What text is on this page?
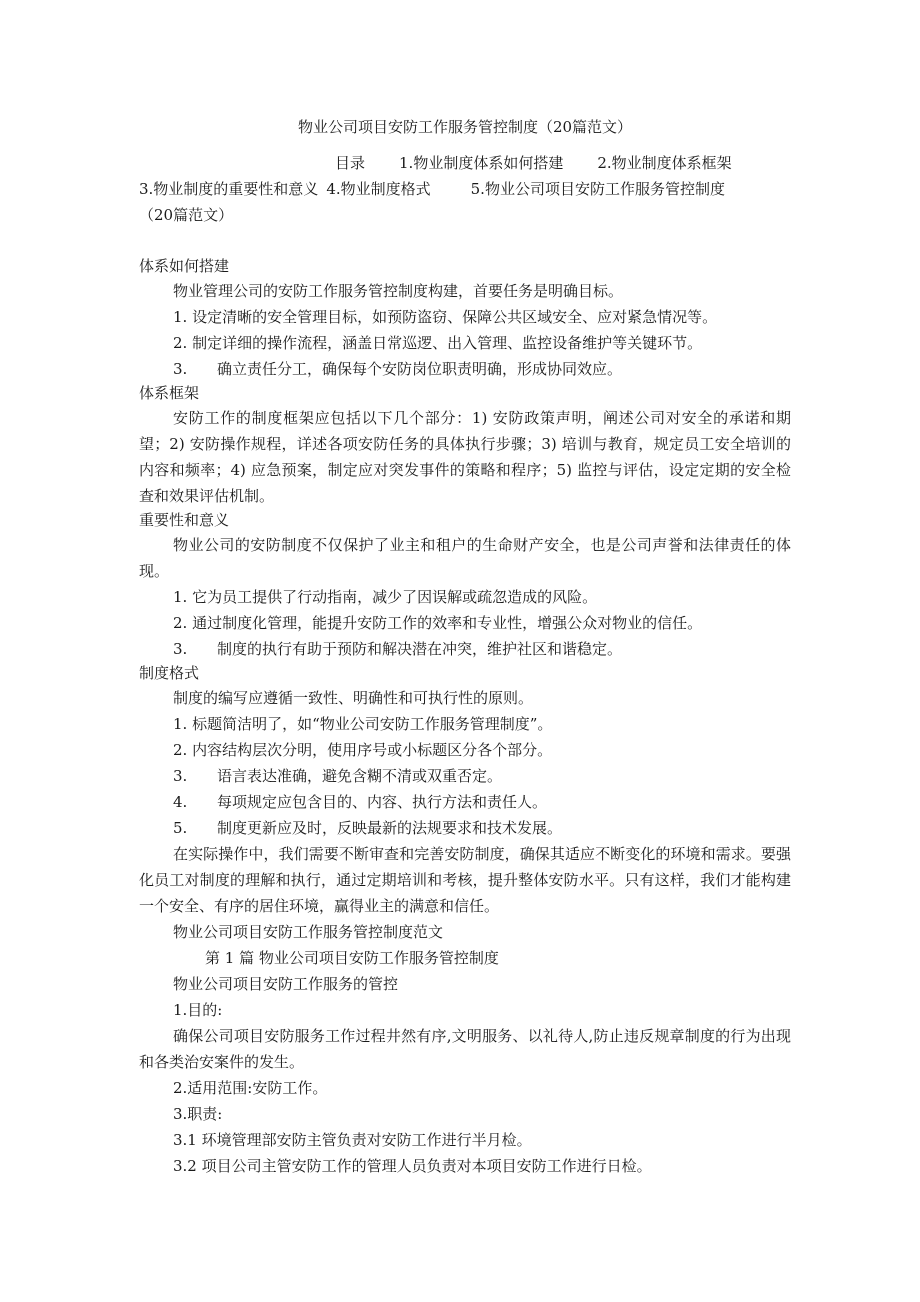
物业公司项目安防工作服务管控制度（20篇范文）
目录 1.物业制度体系如何搭建 2.物业制度体系框架
3.物业制度的重要性和意义 4.物业制度格式	5.物业公司项目安防工作服务管控制度
（20篇范文）

体系如何搭建

物业管理公司的安防工作服务管控制度构建，首要任务是明确目标。

1. 设定清晰的安全管理目标，如预防盗窃、保障公共区域安全、应对紧急情况等。

2. 制定详细的操作流程，涵盖日常巡逻、出入管理、监控设备维护等关键环节。

3. 确立责任分工，确保每个安防岗位职责明确，形成协同效应。

体系框架

安防工作的制度框架应包括以下几个部分：1) 安防政策声明，阐述公司对安全的承诺和期望；2) 安防操作规程，详述各项安防任务的具体执行步骤；3) 培训与教育，规定员工安全培训的内容和频率；4) 应急预案，制定应对突发事件的策略和程序；5) 监控与评估，设定定期的安全检查和效果评估机制。

重要性和意义

物业公司的安防制度不仅保护了业主和租户的生命财产安全，也是公司声誉和法律责任的体现。

1. 它为员工提供了行动指南，减少了因误解或疏忽造成的风险。

2. 通过制度化管理，能提升安防工作的效率和专业性，增强公众对物业的信任。

3. 制度的执行有助于预防和解决潜在冲突，维护社区和谐稳定。

制度格式

制度的编写应遵循一致性、明确性和可执行性的原则。

1. 标题简洁明了，如“物业公司安防工作服务管理制度”。

2. 内容结构层次分明，使用序号或小标题区分各个部分。

3. 语言表达准确，避免含糊不清或双重否定。

4. 每项规定应包含目的、内容、执行方法和责任人。

5. 制度更新应及时，反映最新的法规要求和技术发展。

在实际操作中，我们需要不断审查和完善安防制度，确保其适应不断变化的环境和需求。要强化员工对制度的理解和执行，通过定期培训和考核，提升整体安防水平。只有这样，我们才能构建一个安全、有序的居住环境，赢得业主的满意和信任。

物业公司项目安防工作服务管控制度范文

第 1 篇 物业公司项目安防工作服务管控制度

物业公司项目安防工作服务的管控

1.目的:

确保公司项目安防服务工作过程井然有序,文明服务、以礼待人,防止违反规章制度的行为出现和各类治安案件的发生。

2.适用范围:安防工作。

3.职责:

3.1 环境管理部安防主管负责对安防工作进行半月检。

3.2 项目公司主管安防工作的管理人员负责对本项目安防工作进行日检。
